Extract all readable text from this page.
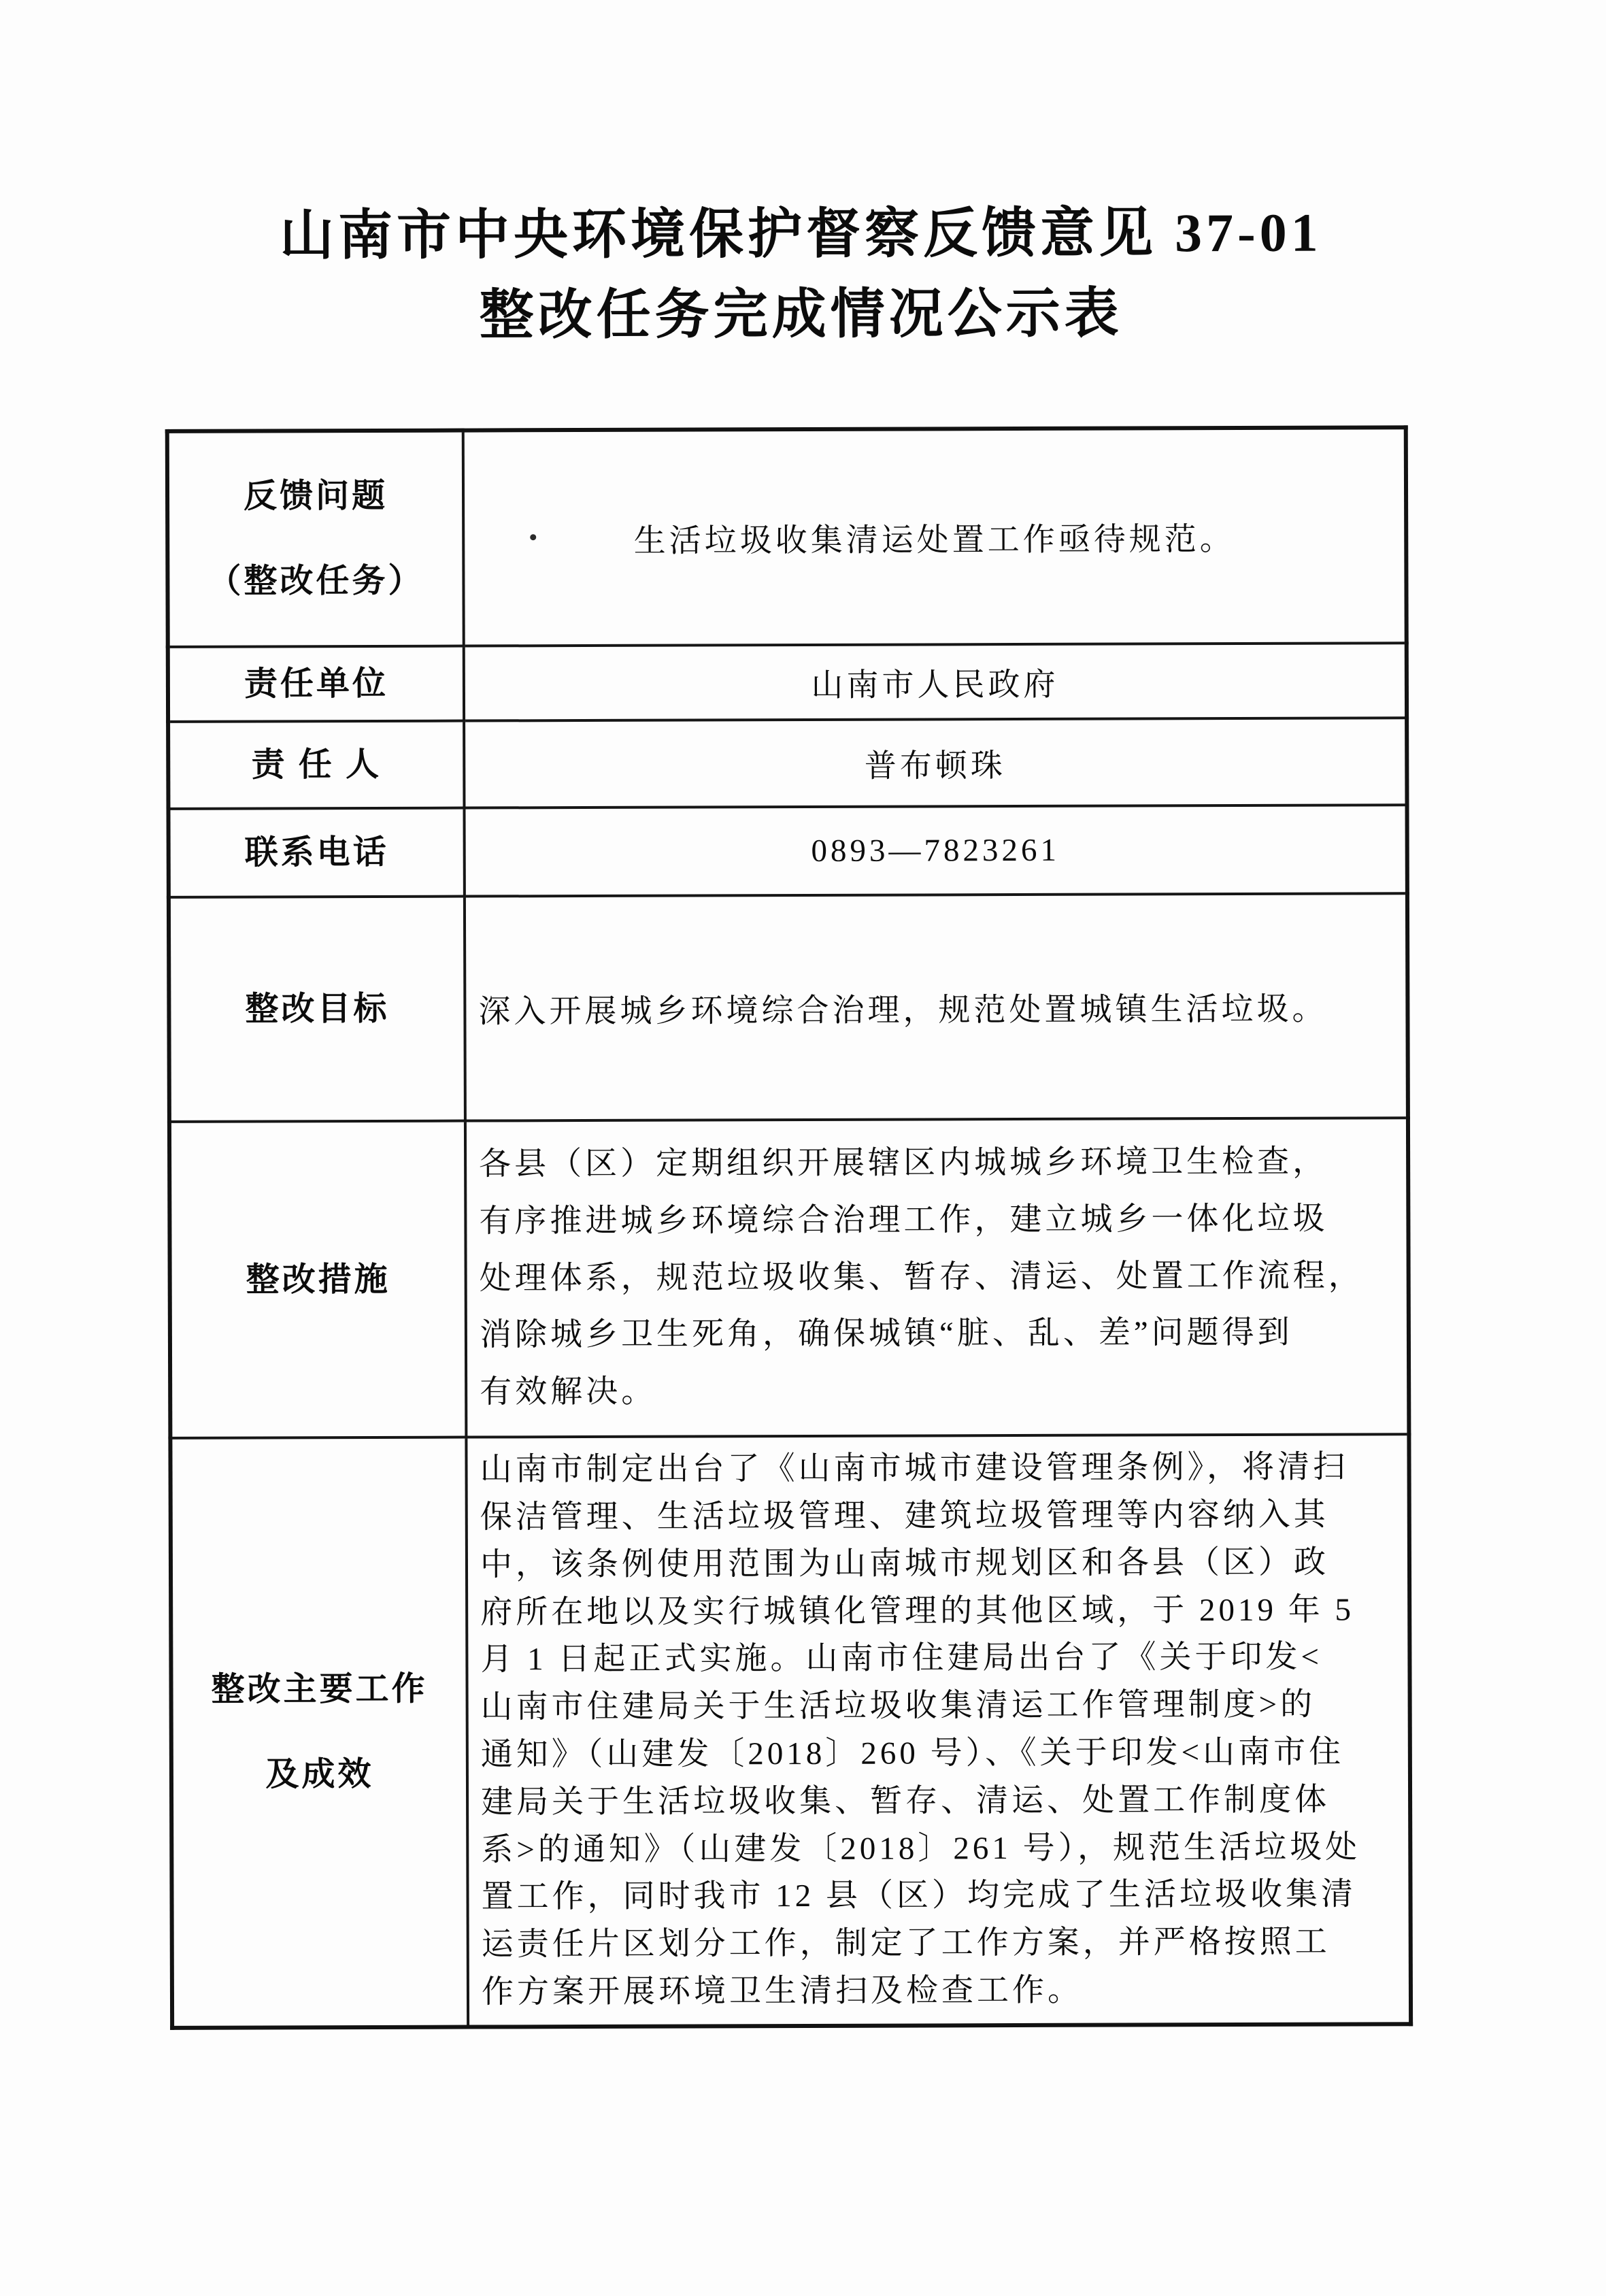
山南市中央环境保护督察反馈意见 37-01
整改任务完成情况公示表
反馈问题
（整改任务）	生活垃圾收集清运处置工作亟待规范。
责任单位	山南市人民政府
责 任 人	普布顿珠
联系电话	0893—7823261
整改目标	深入开展城乡环境综合治理，规范处置城镇生活垃圾。
整改措施	各县（区）定期组织开展辖区内城城乡环境卫生检查，
有序推进城乡环境综合治理工作，建立城乡一体化垃圾
处理体系，规范垃圾收集、暂存、清运、处置工作流程，
消除城乡卫生死角，确保城镇“脏、乱、差”问题得到
有效解决。
整改主要工作
及成效	山南市制定出台了《山南市城市建设管理条例》，将清扫
保洁管理、生活垃圾管理、建筑垃圾管理等内容纳入其
中，该条例使用范围为山南城市规划区和各县（区）政
府所在地以及实行城镇化管理的其他区域，于 2019 年 5
月 1 日起正式实施。山南市住建局出台了《关于印发<
山南市住建局关于生活垃圾收集清运工作管理制度>的
通知》（山建发〔2018〕260 号）、《关于印发<山南市住
建局关于生活垃圾收集、暂存、清运、处置工作制度体
系>的通知》（山建发〔2018〕261 号），规范生活垃圾处
置工作，同时我市 12 县（区）均完成了生活垃圾收集清
运责任片区划分工作，制定了工作方案，并严格按照工
作方案开展环境卫生清扫及检查工作。
